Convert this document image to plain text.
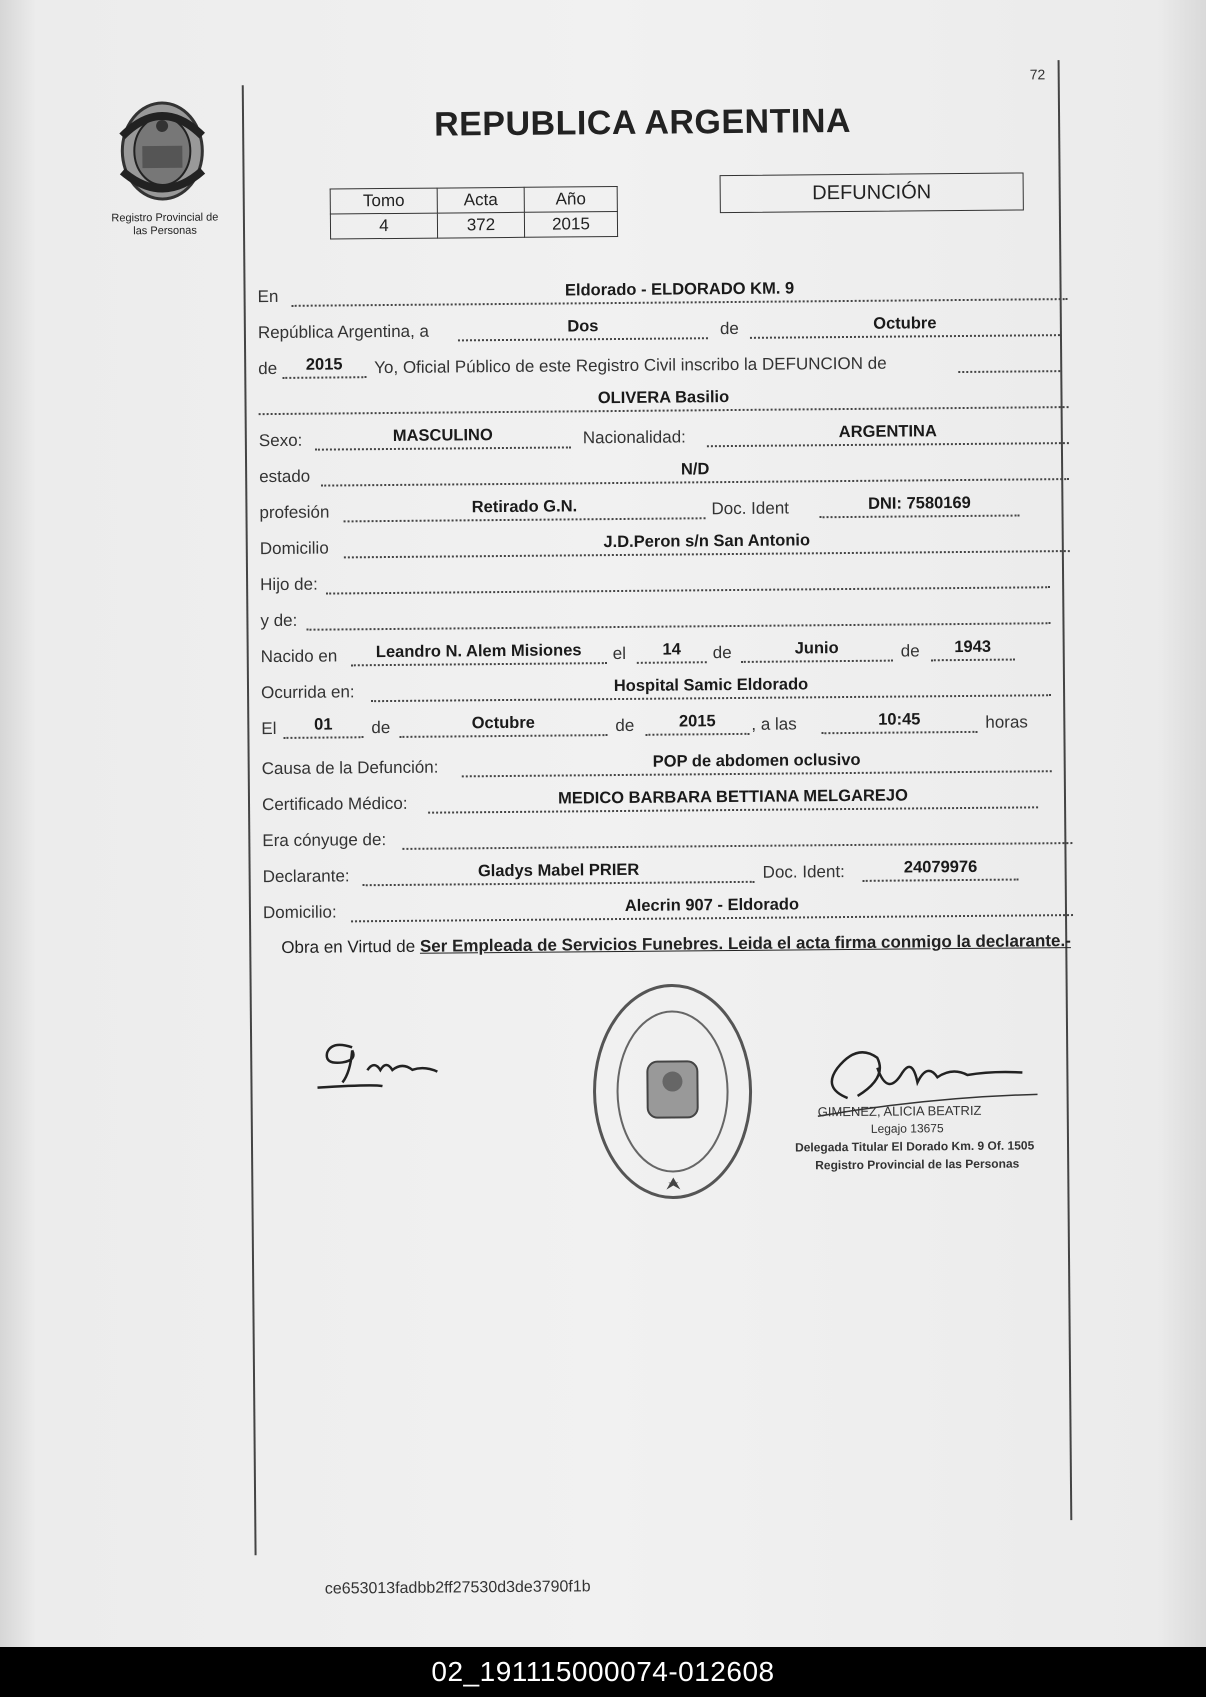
Registro Provincial de
las Personas
72
REPUBLICA ARGENTINA
Tomo	Acta	Año
4	372	2015
DEFUNCIÓN
En	Eldorado - ELDORADO KM. 9
República Argentina, a	Dos	de	Octubre
de	2015	Yo, Oficial Público de este Registro Civil inscribo la DEFUNCION de
OLIVERA Basilio
Sexo:	MASCULINO	Nacionalidad:	ARGENTINA
estado	N/D
profesión	Retirado G.N.	Doc. Ident	DNI: 7580169
Domicilio	J.D.Peron s/n San Antonio
Hijo de:
y de:
Nacido en	Leandro N. Alem Misiones	el	14	de	Junio	de	1943
Ocurrida en:	Hospital Samic Eldorado
El	01	de	Octubre	de	2015	, a las	10:45	horas
Causa de la Defunción:	POP de abdomen oclusivo
Certificado Médico:	MEDICO BARBARA BETTIANA MELGAREJO
Era cónyuge de:
Declarante:	Gladys Mabel PRIER	Doc. Ident:	24079976
Domicilio:	Alecrin 907 - Eldorado
Obra en Virtud de Ser Empleada de Servicios Funebres. Leida el acta firma conmigo la declarante.-
GIMENEZ, ALICIA BEATRIZ
Legajo 13675
Delegada Titular El Dorado Km. 9 Of. 1505
Registro Provincial de las Personas
ce653013fadbb2ff27530d3de3790f1b
02_191115000074-012608
